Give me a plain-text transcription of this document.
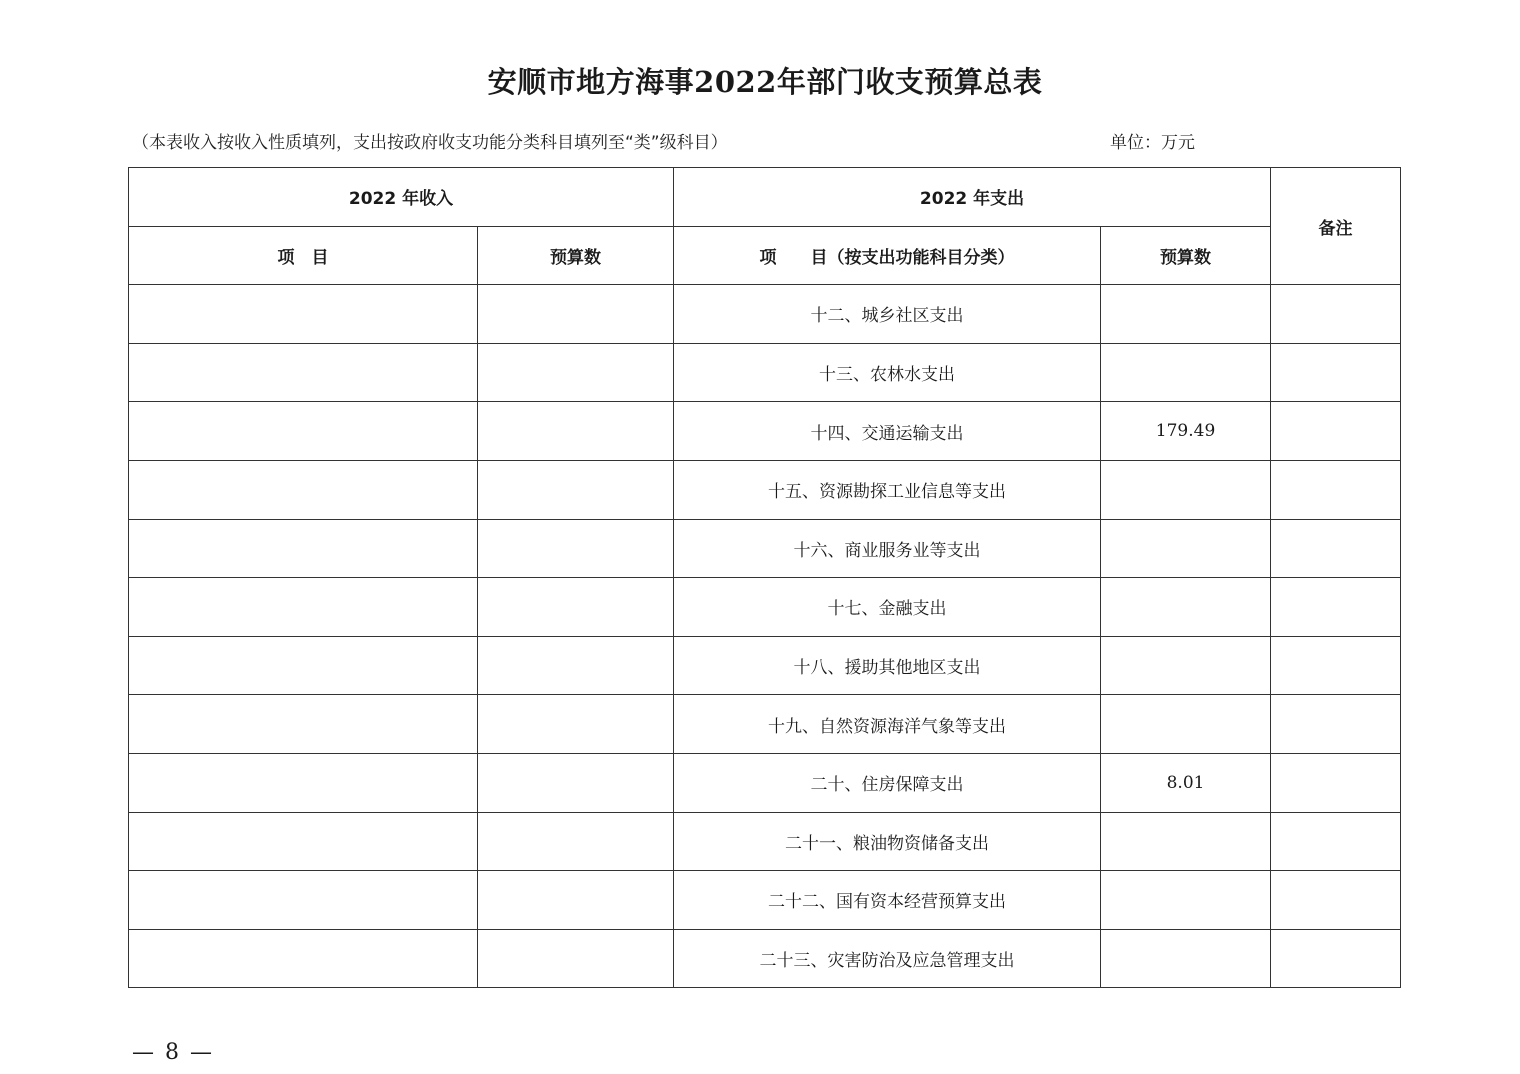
安顺市地方海事2022年部门收支预算总表
（本表收入按收入性质填列，支出按政府收支功能分类科目填列至“类”级科目）	单位：万元
2022 年收入		2022 年支出		备注
项　目	预算数	项　　目（按支出功能科目分类）	预算数	
		十二、城乡社区支出		
		十三、农林水支出		
		十四、交通运输支出	179.49	
		十五、资源勘探工业信息等支出		
		十六、商业服务业等支出		
		十七、金融支出		
		十八、援助其他地区支出		
		十九、自然资源海洋气象等支出		
		二十、住房保障支出	8.01	
		二十一、粮油物资储备支出		
		二十二、国有资本经营预算支出		
		二十三、灾害防治及应急管理支出		
— 8 —
